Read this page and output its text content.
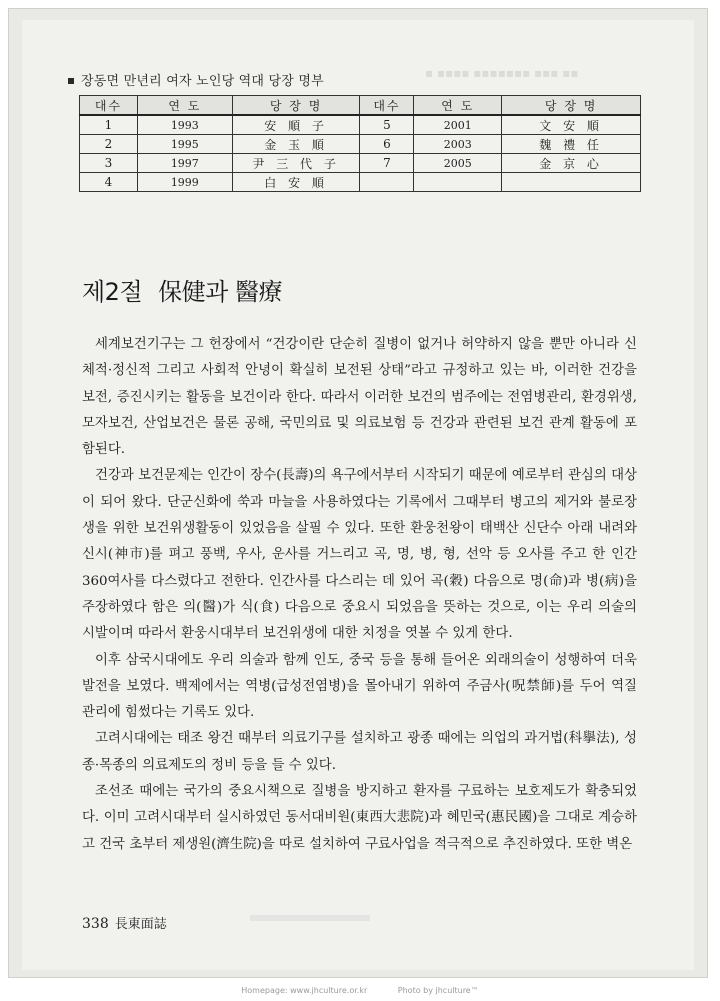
▪ ▪▪▪▪ ▪▪▪▪▪▪▪ ▪▪▪ ▪▪
장동면 만년리 여자 노인당 역대 당장 명부
대수	연 도	당 장 명	대수	연 도	당 장 명
1	1993	安 順 子	5	2001	文 安 順
2	1995	金 玉 順	6	2003	魏 禮 任
3	1997	尹 三 代 子	7	2005	金 京 心
4	1999	白 安 順			
제2절 保健과 醫療

세계보건기구는 그 헌장에서 “건강이란 단순히 질병이 없거나 허약하지 않을 뿐만 아니라 신체적·정신적 그리고 사회적 안녕이 확실히 보전된 상태”라고 규정하고 있는 바, 이러한 건강을 보전, 증진시키는 활동을 보건이라 한다. 따라서 이러한 보건의 범주에는 전염병관리, 환경위생, 모자보건, 산업보건은 물론 공해, 국민의료 및 의료보험 등 건강과 관련된 보건 관계 활동에 포함된다.

건강과 보건문제는 인간이 장수(長壽)의 욕구에서부터 시작되기 때문에 예로부터 관심의 대상이 되어 왔다. 단군신화에 쑥과 마늘을 사용하였다는 기록에서 그때부터 병고의 제거와 불로장생을 위한 보건위생활동이 있었음을 살필 수 있다. 또한 환웅천왕이 태백산 신단수 아래 내려와 신시(神市)를 펴고 풍백, 우사, 운사를 거느리고 곡, 명, 병, 형, 선악 등 오사를 주고 한 인간 360여사를 다스렸다고 전한다. 인간사를 다스리는 데 있어 곡(穀) 다음으로 명(命)과 병(病)을 주장하였다 함은 의(醫)가 식(食) 다음으로 중요시 되었음을 뜻하는 것으로, 이는 우리 의술의 시발이며 따라서 환웅시대부터 보건위생에 대한 치정을 엿볼 수 있게 한다.

이후 삼국시대에도 우리 의술과 함께 인도, 중국 등을 통해 들어온 외래의술이 성행하여 더욱 발전을 보였다. 백제에서는 역병(급성전염병)을 몰아내기 위하여 주금사(呪禁師)를 두어 역질 관리에 힘썼다는 기록도 있다.

고려시대에는 태조 왕건 때부터 의료기구를 설치하고 광종 때에는 의업의 과거법(科擧法), 성종·목종의 의료제도의 정비 등을 들 수 있다.

조선조 때에는 국가의 중요시책으로 질병을 방지하고 환자를 구료하는 보호제도가 확충되었다. 이미 고려시대부터 실시하였던 동서대비원(東西大悲院)과 혜민국(惠民國)을 그대로 계승하고 건국 초부터 제생원(濟生院)을 따로 설치하여 구료사업을 적극적으로 추진하였다. 또한 벽온

338 長東面誌
Homepage: www.jhculture.or.kr	Photo by jhculture™
